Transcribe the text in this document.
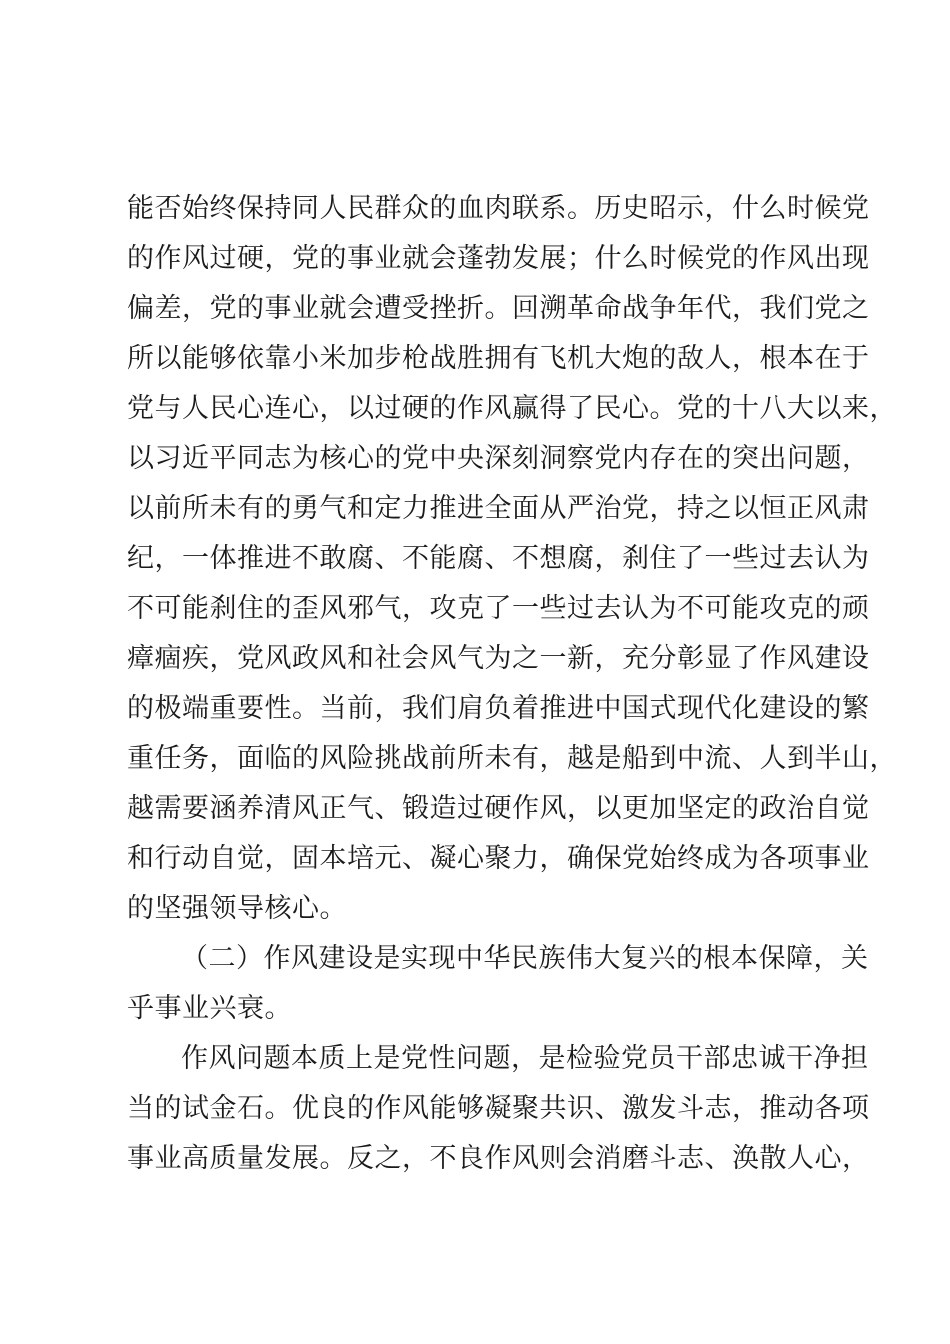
能否始终保持同人民群众的血肉联系。历史昭示，什么时候党
的作风过硬，党的事业就会蓬勃发展；什么时候党的作风出现
偏差，党的事业就会遭受挫折。回溯革命战争年代，我们党之
所以能够依靠小米加步枪战胜拥有飞机大炮的敌人，根本在于
党与人民心连心，以过硬的作风赢得了民心。党的十八大以来，
以习近平同志为核心的党中央深刻洞察党内存在的突出问题，
以前所未有的勇气和定力推进全面从严治党，持之以恒正风肃
纪，一体推进不敢腐、不能腐、不想腐，刹住了一些过去认为
不可能刹住的歪风邪气，攻克了一些过去认为不可能攻克的顽
瘴痼疾，党风政风和社会风气为之一新，充分彰显了作风建设
的极端重要性。当前，我们肩负着推进中国式现代化建设的繁
重任务，面临的风险挑战前所未有，越是船到中流、人到半山，
越需要涵养清风正气、锻造过硬作风，以更加坚定的政治自觉
和行动自觉，固本培元、凝心聚力，确保党始终成为各项事业
的坚强领导核心。
（二）作风建设是实现中华民族伟大复兴的根本保障，关
乎事业兴衰。
作风问题本质上是党性问题，是检验党员干部忠诚干净担
当的试金石。优良的作风能够凝聚共识、激发斗志，推动各项
事业高质量发展。反之，不良作风则会消磨斗志、涣散人心，
